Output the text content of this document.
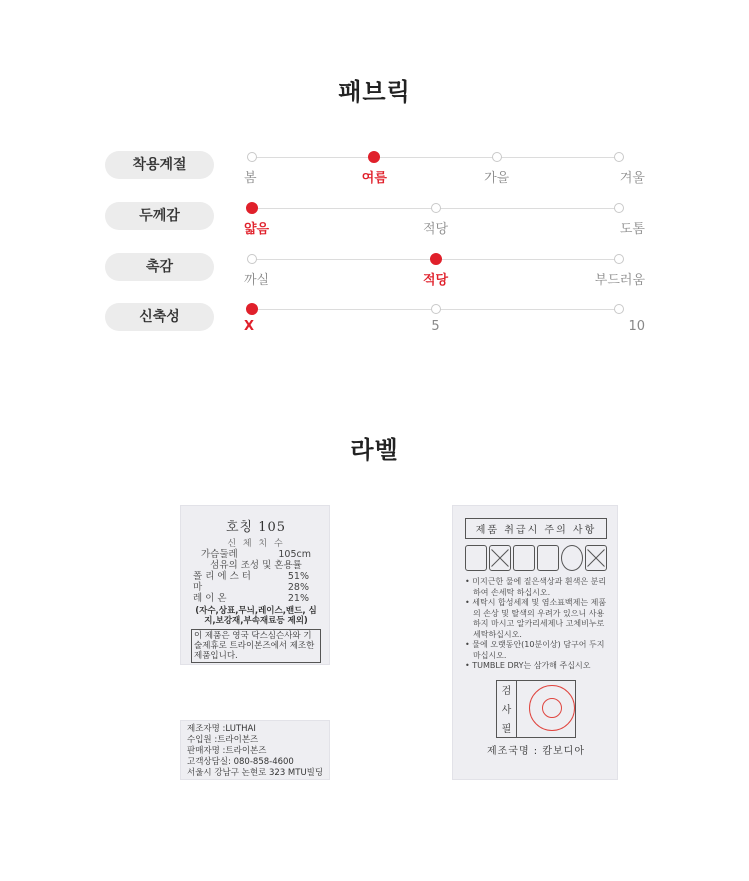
패브릭
착용계절
봄	여름	가을	겨울
두께감
얇음	적당	도톰
촉감
까실	적당	부드러움
신축성
X	5	10
라벨
호칭 105
신 체 치 수
가슴둘레	105cm
섬유의 조성 및 혼용률
폴 리 에 스 터	51%
마	28%
레 이 온	21%
(자수,상표,무늬,레이스,밴드, 심지,보강재,부속재료등 제외)
이 제품은 영국 닥스심슨사와 기술제휴로 트라이본즈에서 제조한 제품입니다.
제조자명 :LUTHAI
수입원 :트라이본즈
판매자명 :트라이본즈
고객상담실: 080-858-4600
서울시 강남구 논현로 323 MTU빌딩
제품 취급시 주의 사항
• 미지근한 물에 짙은색상과 흰색은 분리하여 손세탁 하십시오.
• 세탁시 합성세제 및 염소표백제는 제품의 손상 및 탈색의 우려가 있으니 사용하지 마시고 알카리세제나 고체비누로 세탁하십시오.
• 물에 오랫동안(10분이상) 담구어 두지 마십시오.
• TUMBLE DRY는 삼가해 주십시오
검
사
필
제조국명 : 캄보디아
